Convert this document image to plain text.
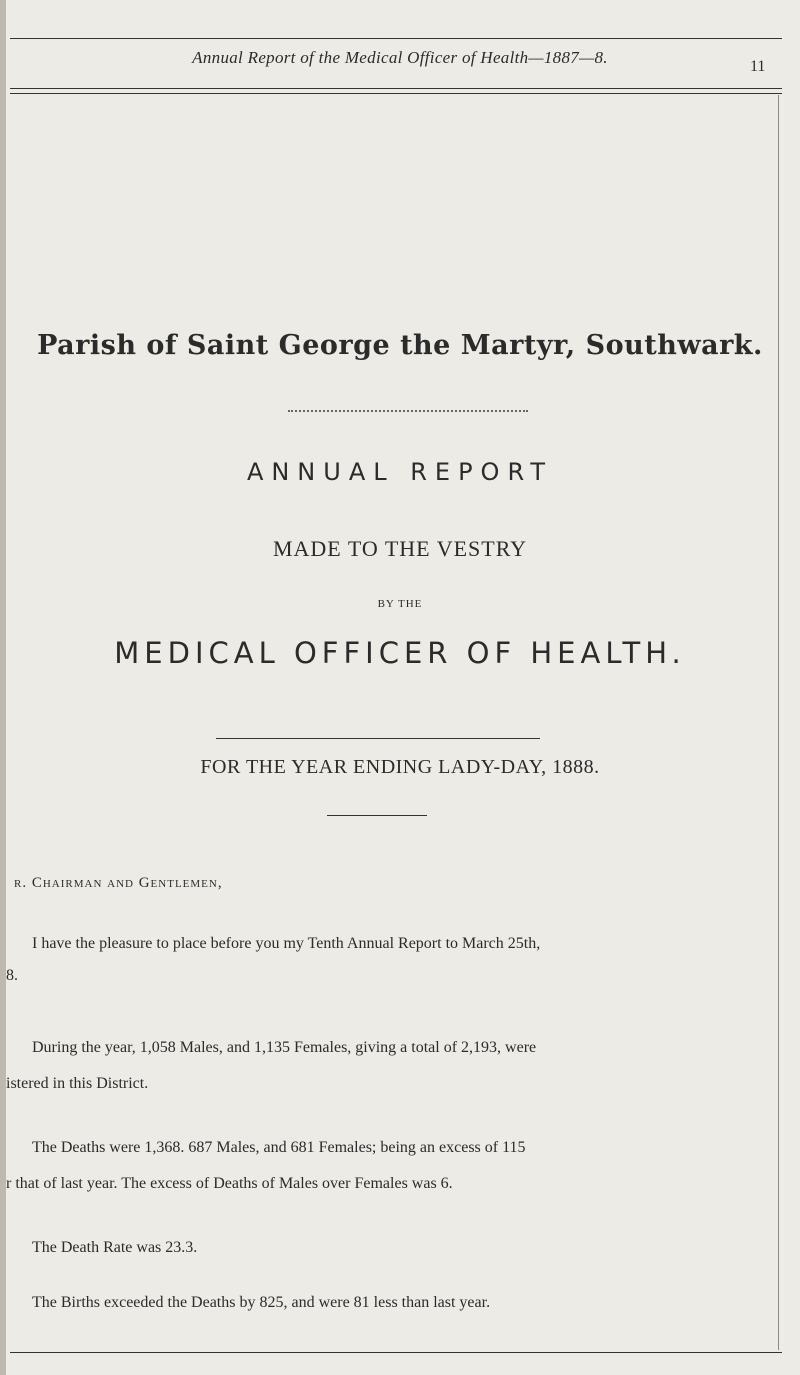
Annual Report of the Medical Officer of Health—1887—8.	11
Parish of Saint George the Martyr, Southwark.
ANNUAL REPORT
MADE TO THE VESTRY
BY THE
MEDICAL OFFICER OF HEALTH.
FOR THE YEAR ENDING LADY-DAY, 1888.
r. Chairman and Gentlemen,
I have the pleasure to place before you my Tenth Annual Report to March 25th,
8.
During the year, 1,058 Males, and 1,135 Females, giving a total of 2,193, were
istered in this District.
The Deaths were 1,368. 687 Males, and 681 Females; being an excess of 115
r that of last year. The excess of Deaths of Males over Females was 6.
The Death Rate was 23.3.
The Births exceeded the Deaths by 825, and were 81 less than last year.
